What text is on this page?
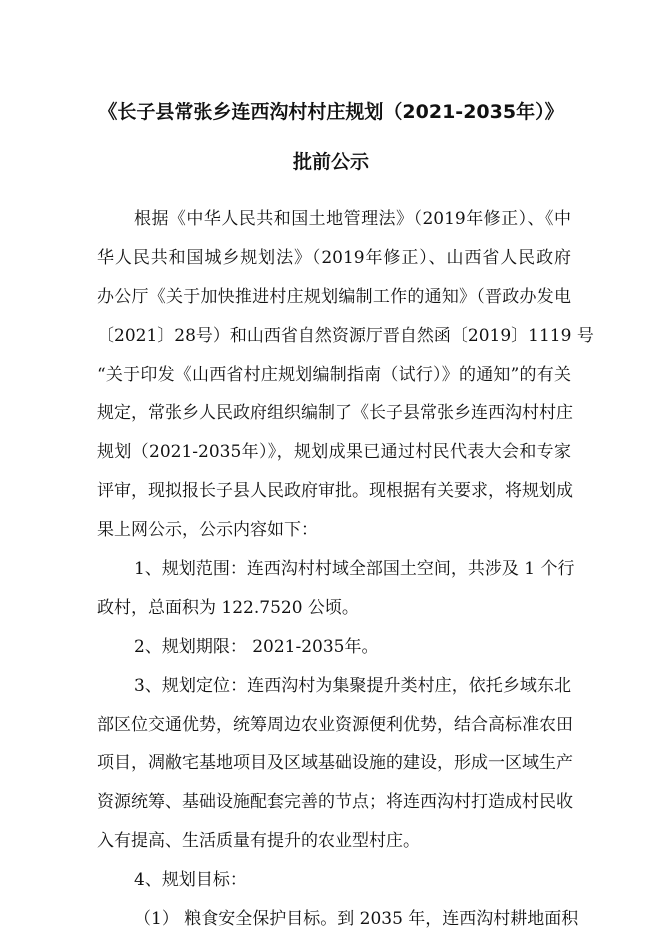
《长子县常张乡连西沟村村庄规划（2021-2035年）》
批前公示
根据《中华人民共和国土地管理法》（2019年修正）、《中
华人民共和国城乡规划法》（2019年修正）、山西省人民政府
办公厅《关于加快推进村庄规划编制工作的通知》（晋政办发电
〔2021〕28号）和山西省自然资源厅晋自然函〔2019〕1119 号
“关于印发《山西省村庄规划编制指南（试行）》的通知”的有关
规定，常张乡人民政府组织编制了《长子县常张乡连西沟村村庄
规划（2021-2035年）》，规划成果已通过村民代表大会和专家
评审，现拟报长子县人民政府审批。现根据有关要求，将规划成
果上网公示，公示内容如下：
1、规划范围：连西沟村村域全部国土空间，共涉及 1 个行
政村，总面积为 122.7520 公顷。
2、规划期限： 2021-2035年。
3、规划定位：连西沟村为集聚提升类村庄，依托乡域东北
部区位交通优势，统筹周边农业资源便利优势，结合高标准农田
项目，凋敝宅基地项目及区域基础设施的建设，形成一区域生产
资源统筹、基础设施配套完善的节点；将连西沟村打造成村民收
入有提高、生活质量有提升的农业型村庄。
4、规划目标：
（1） 粮食安全保护目标。到 2035 年，连西沟村耕地面积
